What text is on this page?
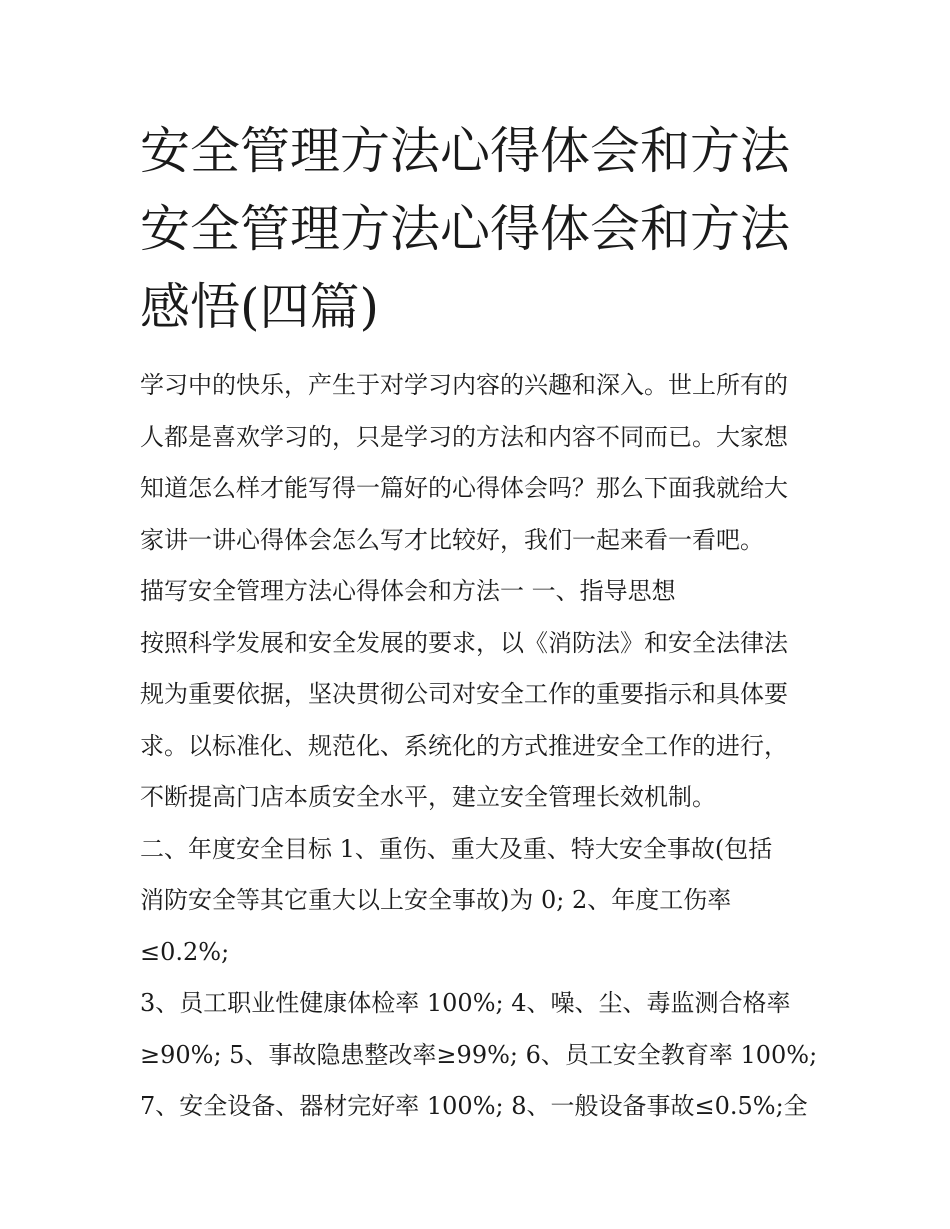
安全管理方法心得体会和方法
安全管理方法心得体会和方法
感悟(四篇)
学习中的快乐，产生于对学习内容的兴趣和深入。世上所有的
人都是喜欢学习的，只是学习的方法和内容不同而已。大家想
知道怎么样才能写得一篇好的心得体会吗？那么下面我就给大
家讲一讲心得体会怎么写才比较好，我们一起来看一看吧。
描写安全管理方法心得体会和方法一 一、指导思想
按照科学发展和安全发展的要求，以《消防法》和安全法律法
规为重要依据，坚决贯彻公司对安全工作的重要指示和具体要
求。以标准化、规范化、系统化的方式推进安全工作的进行，
不断提高门店本质安全水平，建立安全管理长效机制。
二、年度安全目标 1、重伤、重大及重、特大安全事故(包括
消防安全等其它重大以上安全事故)为 0; 2、年度工伤率
≤0.2%;
3、员工职业性健康体检率 100%; 4、噪、尘、毒监测合格率
≥90%; 5、事故隐患整改率≥99%; 6、员工安全教育率 100%;
7、安全设备、器材完好率 100%; 8、一般设备事故≤0.5%;全
